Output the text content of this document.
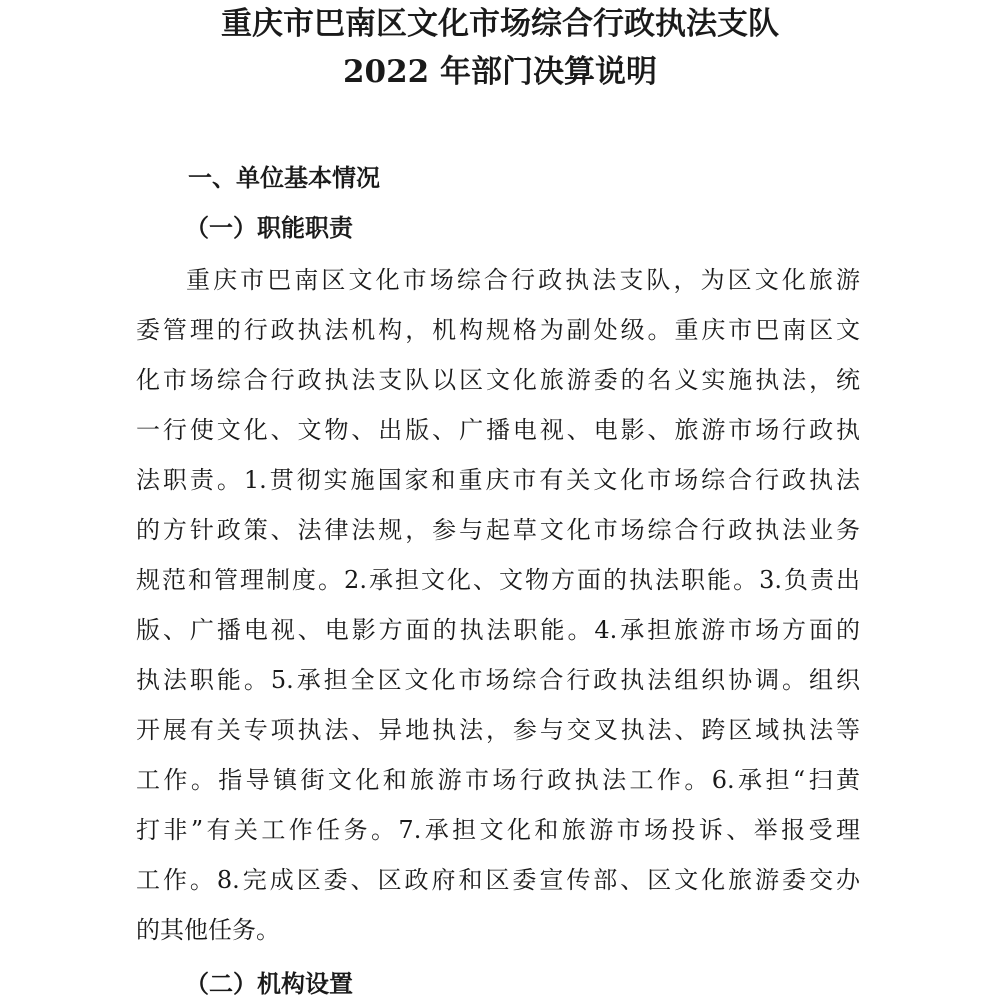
重庆市巴南区文化市场综合行政执法支队
2022 年部门决算说明
一、单位基本情况
（一）职能职责

重庆市巴南区文化市场综合行政执法支队，为区文化旅游

委管理的行政执法机构，机构规格为副处级。重庆市巴南区文

化市场综合行政执法支队以区文化旅游委的名义实施执法，统

一行使文化、文物、出版、广播电视、电影、旅游市场行政执

法职责。1.贯彻实施国家和重庆市有关文化市场综合行政执法

的方针政策、法律法规，参与起草文化市场综合行政执法业务

规范和管理制度。2.承担文化、文物方面的执法职能。3.负责出

版、广播电视、电影方面的执法职能。4.承担旅游市场方面的

执法职能。5.承担全区文化市场综合行政执法组织协调。组织

开展有关专项执法、异地执法，参与交叉执法、跨区域执法等

工作。指导镇街文化和旅游市场行政执法工作。6.承担“扫黄

打非”有关工作任务。7.承担文化和旅游市场投诉、举报受理

工作。8.完成区委、区政府和区委宣传部、区文化旅游委交办

的其他任务。

（二）机构设置
